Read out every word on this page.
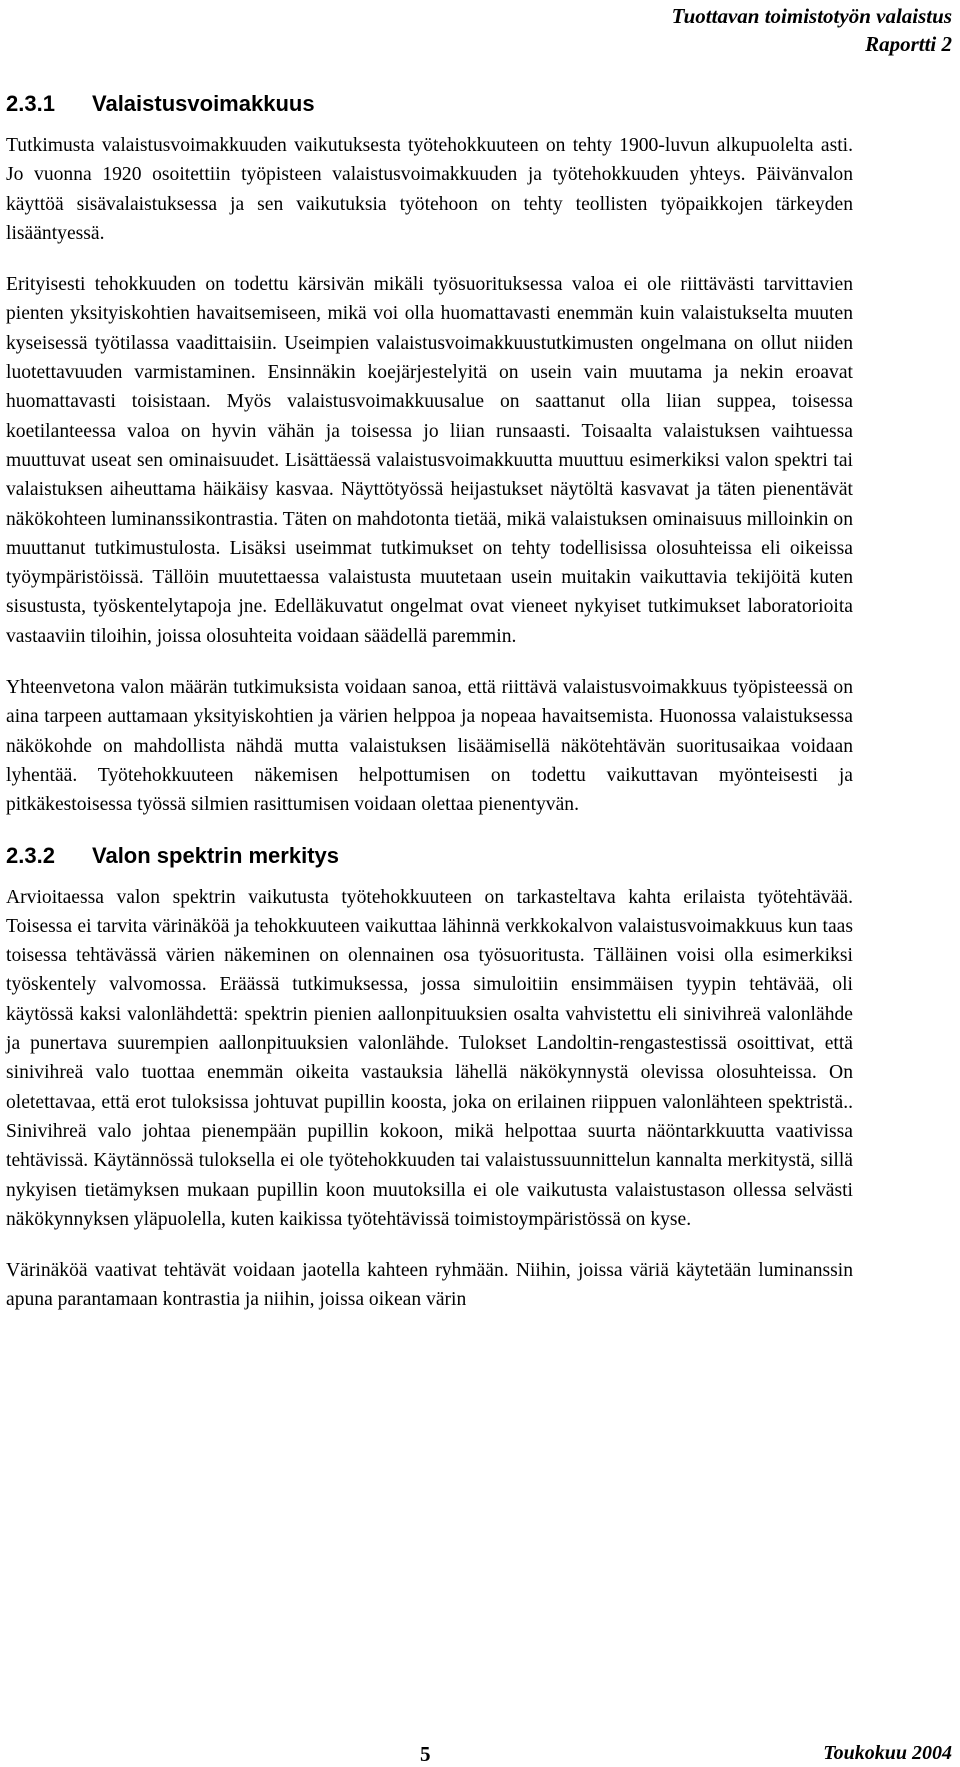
Tuottavan toimistotyön valaistus
Raportti 2
2.3.1	Valaistusvoimakkuus

Tutkimusta valaistusvoimakkuuden vaikutuksesta työtehokkuuteen on tehty 1900-luvun alkupuolelta asti. Jo vuonna 1920 osoitettiin työpisteen valaistusvoimakkuuden ja työtehokkuuden yhteys. Päivänvalon käyttöä sisävalaistuksessa ja sen vaikutuksia työtehoon on tehty teollisten työpaikkojen tärkeyden lisääntyessä.

Erityisesti tehokkuuden on todettu kärsivän mikäli työsuorituksessa valoa ei ole riittävästi tarvittavien pienten yksityiskohtien havaitsemiseen, mikä voi olla huomattavasti enemmän kuin valaistukselta muuten kyseisessä työtilassa vaadittaisiin. Useimpien valaistusvoimakkuustutkimusten ongelmana on ollut niiden luotettavuuden varmistaminen. Ensinnäkin koejärjestelyitä on usein vain muutama ja nekin eroavat huomattavasti toisistaan. Myös valaistusvoimakkuusalue on saattanut olla liian suppea, toisessa koetilanteessa valoa on hyvin vähän ja toisessa jo liian runsaasti. Toisaalta valaistuksen vaihtuessa muuttuvat useat sen ominaisuudet. Lisättäessä valaistusvoimakkuutta muuttuu esimerkiksi valon spektri tai valaistuksen aiheuttama häikäisy kasvaa. Näyttötyössä heijastukset näytöltä kasvavat ja täten pienentävät näkökohteen luminanssikontrastia. Täten on mahdotonta tietää, mikä valaistuksen ominaisuus milloinkin on muuttanut tutkimustulosta. Lisäksi useimmat tutkimukset on tehty todellisissa olosuhteissa eli oikeissa työympäristöissä. Tällöin muutettaessa valaistusta muutetaan usein muitakin vaikuttavia tekijöitä kuten sisustusta, työskentelytapoja jne. Edelläkuvatut ongelmat ovat vieneet nykyiset tutkimukset laboratorioita vastaaviin tiloihin, joissa olosuhteita voidaan säädellä paremmin.

Yhteenvetona valon määrän tutkimuksista voidaan sanoa, että riittävä valaistusvoimakkuus työpisteessä on aina tarpeen auttamaan yksityiskohtien ja värien helppoa ja nopeaa havaitsemista. Huonossa valaistuksessa näkökohde on mahdollista nähdä mutta valaistuksen lisäämisellä näkötehtävän suoritusaikaa voidaan lyhentää. Työtehokkuuteen näkemisen helpottumisen on todettu vaikuttavan myönteisesti ja pitkäkestoisessa työssä silmien rasittumisen voidaan olettaa pienentyvän.

2.3.2	Valon spektrin merkitys

Arvioitaessa valon spektrin vaikutusta työtehokkuuteen on tarkasteltava kahta erilaista työtehtävää. Toisessa ei tarvita värinäköä ja tehokkuuteen vaikuttaa lähinnä verkkokalvon valaistusvoimakkuus kun taas toisessa tehtävässä värien näkeminen on olennainen osa työsuoritusta. Tälläinen voisi olla esimerkiksi työskentely valvomossa. Eräässä tutkimuksessa, jossa simuloitiin ensimmäisen tyypin tehtävää, oli käytössä kaksi valonlähdettä: spektrin pienien aallonpituuksien osalta vahvistettu eli sinivihreä valonlähde ja punertava suurempien aallonpituuksien valonlähde. Tulokset Landoltin-rengastestissä osoittivat, että sinivihreä valo tuottaa enemmän oikeita vastauksia lähellä näkökynnystä olevissa olosuhteissa. On oletettavaa, että erot tuloksissa johtuvat pupillin koosta, joka on erilainen riippuen valonlähteen spektristä.. Sinivihreä valo johtaa pienempään pupillin kokoon, mikä helpottaa suurta näöntarkkuutta vaativissa tehtävissä. Käytännössä tuloksella ei ole työtehokkuuden tai valaistussuunnittelun kannalta merkitystä, sillä nykyisen tietämyksen mukaan pupillin koon muutoksilla ei ole vaikutusta valaistustason ollessa selvästi näkökynnyksen yläpuolella, kuten kaikissa työtehtävissä toimistoympäristössä on kyse.

Värinäköä vaativat tehtävät voidaan jaotella kahteen ryhmään. Niihin, joissa väriä käytetään luminanssin apuna parantamaan kontrastia ja niihin, joissa oikean värin

5	Toukokuu 2004
